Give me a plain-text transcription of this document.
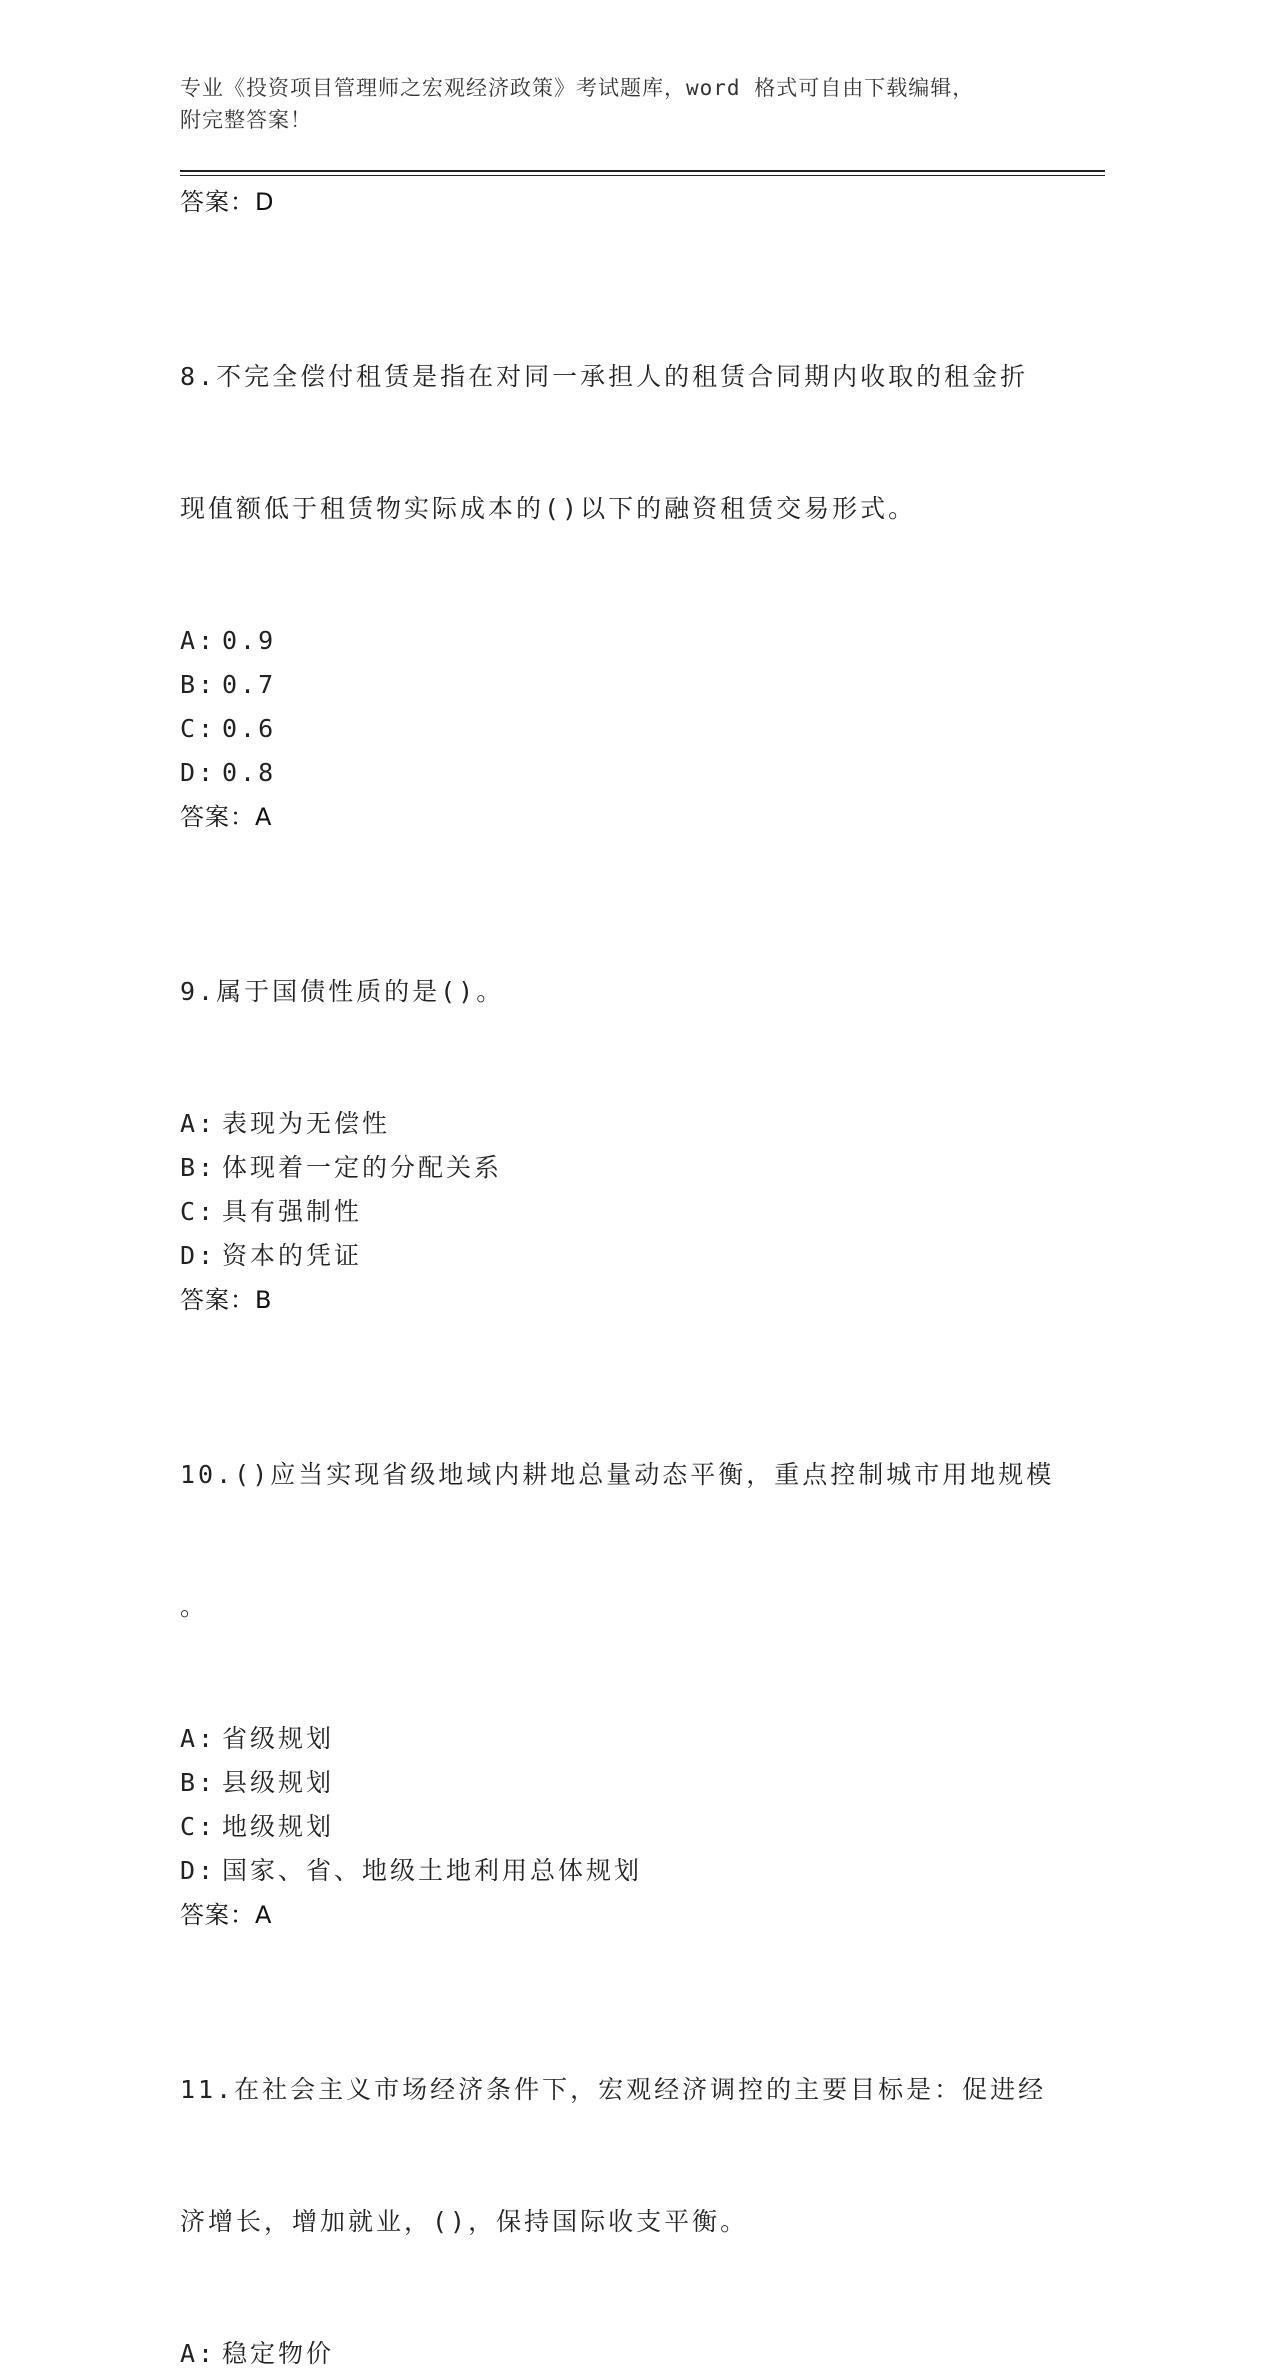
专业《投资项目管理师之宏观经济政策》考试题库，word 格式可自由下载编辑，

附完整答案！

答案：D

8.不完全偿付租赁是指在对同一承担人的租赁合同期内收取的租金折

现值额低于租赁物实际成本的()以下的融资租赁交易形式。

A: 0.9
B: 0.7
C: 0.6
D: 0.8
答案：A

9.属于国债性质的是()。

A: 表现为无偿性
B: 体现着一定的分配关系
C: 具有强制性
D: 资本的凭证
答案：B

10.()应当实现省级地域内耕地总量动态平衡，重点控制城市用地规模

。

A: 省级规划
B: 县级规划
C: 地级规划
D: 国家、省、地级土地利用总体规划
答案：A

11.在社会主义市场经济条件下，宏观经济调控的主要目标是：促进经

济增长，增加就业，()，保持国际收支平衡。

A: 稳定物价
